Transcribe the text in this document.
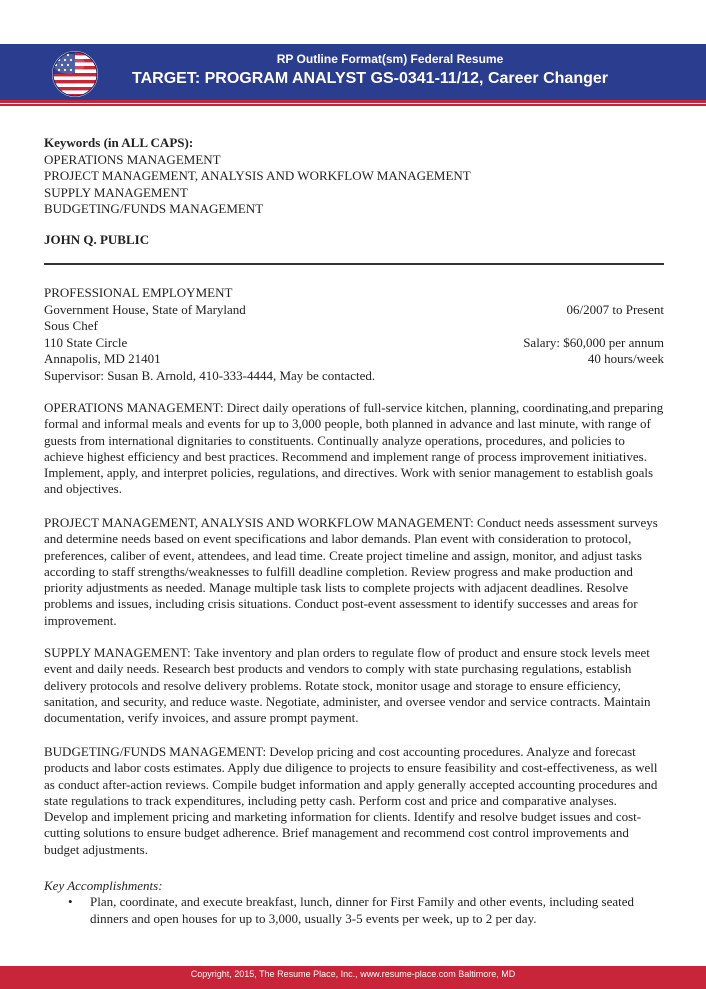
RP Outline Format(sm) Federal Resume
TARGET: PROGRAM ANALYST GS-0341-11/12, Career Changer
Keywords (in ALL CAPS):
OPERATIONS MANAGEMENT
PROJECT MANAGEMENT, ANALYSIS AND WORKFLOW MANAGEMENT
SUPPLY MANAGEMENT
BUDGETING/FUNDS MANAGEMENT
JOHN Q. PUBLIC
PROFESSIONAL EMPLOYMENT
Government House, State of Maryland	06/2007 to Present
Sous Chef
110 State Circle	Salary: $60,000 per annum
Annapolis, MD 21401	40 hours/week
Supervisor: Susan B. Arnold, 410-333-4444, May be contacted.
OPERATIONS MANAGEMENT: Direct daily operations of full-service kitchen, planning, coordinating,and preparing formal and informal meals and events for up to 3,000 people, both planned in advance and last minute, with range of guests from international dignitaries to constituents. Continually analyze operations, procedures, and policies to achieve highest efficiency and best practices. Recommend and implement range of process improvement initiatives. Implement, apply, and interpret policies, regulations, and directives. Work with senior management to establish goals and objectives.
PROJECT MANAGEMENT, ANALYSIS AND WORKFLOW MANAGEMENT: Conduct needs assessment surveys and determine needs based on event specifications and labor demands. Plan event with consideration to protocol, preferences, caliber of event, attendees, and lead time. Create project timeline and assign, monitor, and adjust tasks according to staff strengths/weaknesses to fulfill deadline completion. Review progress and make production and priority adjustments as needed. Manage multiple task lists to complete projects with adjacent deadlines. Resolve problems and issues, including crisis situations. Conduct post-event assessment to identify successes and areas for improvement.
SUPPLY MANAGEMENT: Take inventory and plan orders to regulate flow of product and ensure stock levels meet event and daily needs. Research best products and vendors to comply with state purchasing regulations, establish delivery protocols and resolve delivery problems. Rotate stock, monitor usage and storage to ensure efficiency, sanitation, and security, and reduce waste. Negotiate, administer, and oversee vendor and service contracts. Maintain documentation, verify invoices, and assure prompt payment.
BUDGETING/FUNDS MANAGEMENT: Develop pricing and cost accounting procedures. Analyze and forecast products and labor costs estimates. Apply due diligence to projects to ensure feasibility and cost-effectiveness, as well as conduct after-action reviews. Compile budget information and apply generally accepted accounting procedures and state regulations to track expenditures, including petty cash. Perform cost and price and comparative analyses. Develop and implement pricing and marketing information for clients. Identify and resolve budget issues and cost-cutting solutions to ensure budget adherence. Brief management and recommend cost control improvements and budget adjustments.
Key Accomplishments:
•	Plan, coordinate, and execute breakfast, lunch, dinner for First Family and other events, including seated dinners and open houses for up to 3,000, usually 3-5 events per week, up to 2 per day.
Copyright, 2015, The Resume Place, Inc., www.resume-place.com Baltimore, MD
